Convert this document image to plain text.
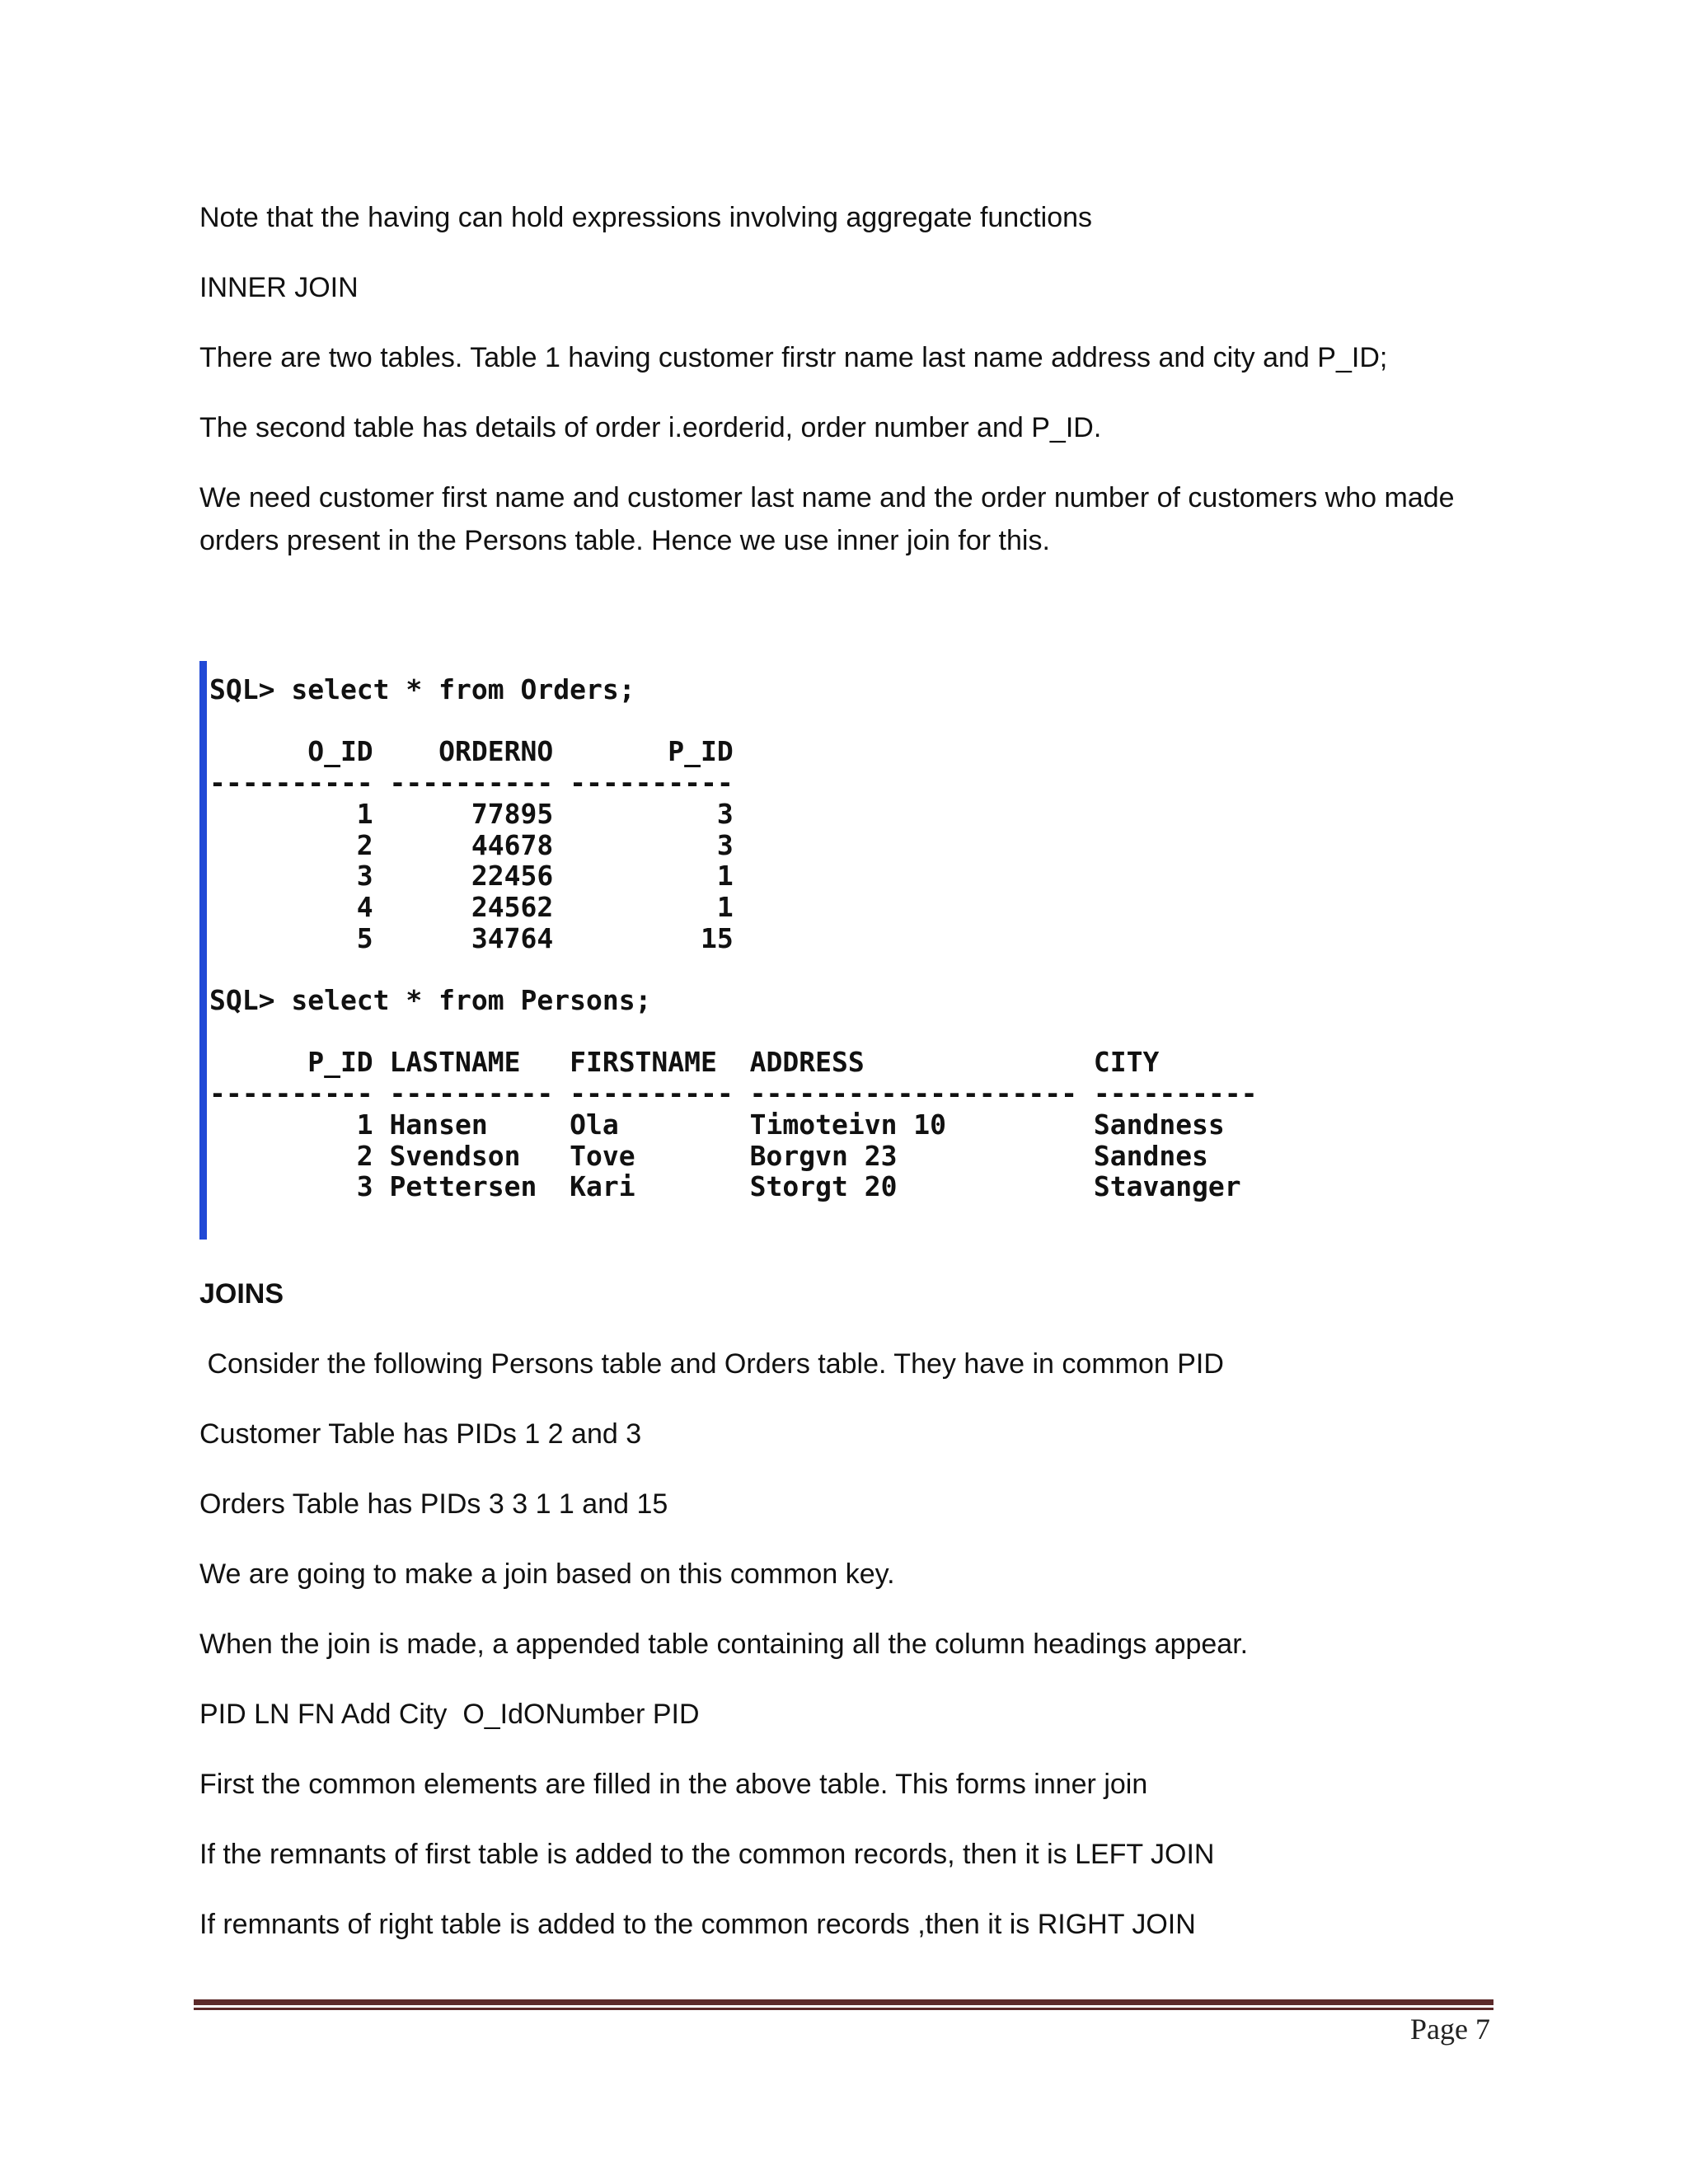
Note that the having can hold expressions involving aggregate functions

INNER JOIN

There are two tables. Table 1 having customer firstr name last name address and city and P_ID;

The second table has details of order i.eorderid, order number and P_ID.

We need customer first name and customer last name and the order number of customers who made orders present in the Persons table. Hence we use inner join for this.

SQL> select * from Orders;

O_ID    ORDERNO       P_ID
---------- ---------- ----------
1      77895          3
2      44678          3
3      22456          1
4      24562          1
5      34764         15

SQL> select * from Persons;

P_ID LASTNAME   FIRSTNAME  ADDRESS              CITY
---------- ---------- ---------- -------------------- ----------
1 Hansen     Ola        Timoteivn 10         Sandness
2 Svendson   Tove       Borgvn 23            Sandnes
3 Pettersen  Kari       Storgt 20            Stavanger

JOINS

Consider the following Persons table and Orders table. They have in common PID

Customer Table has PIDs 1 2 and 3

Orders Table has PIDs 3 3 1 1 and 15

We are going to make a join based on this common key.

When the join is made, a appended table containing all the column headings appear.

PID LN FN Add City  O_IdONumber PID

First the common elements are filled in the above table. This forms inner join

If the remnants of first table is added to the common records, then it is LEFT JOIN

If remnants of right table is added to the common records ,then it is RIGHT JOIN

Page 7
